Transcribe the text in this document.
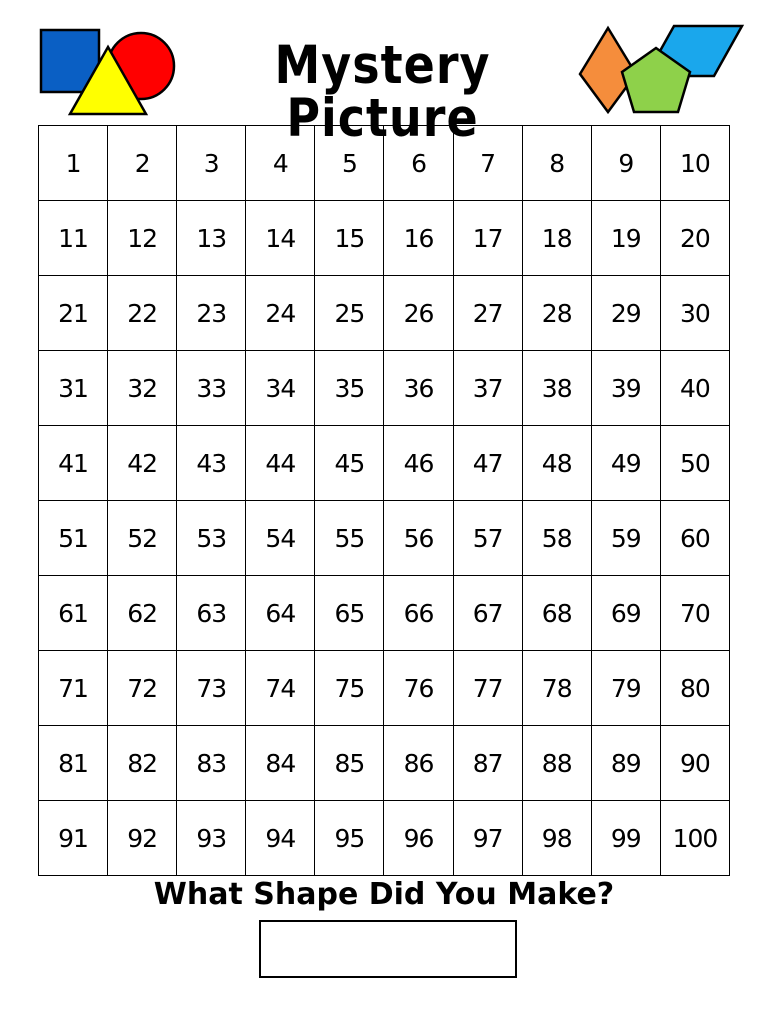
Mystery Picture
1	2	3	4	5	6	7	8	9	10
11	12	13	14	15	16	17	18	19	20
21	22	23	24	25	26	27	28	29	30
31	32	33	34	35	36	37	38	39	40
41	42	43	44	45	46	47	48	49	50
51	52	53	54	55	56	57	58	59	60
61	62	63	64	65	66	67	68	69	70
71	72	73	74	75	76	77	78	79	80
81	82	83	84	85	86	87	88	89	90
91	92	93	94	95	96	97	98	99	100
What Shape Did You Make?
